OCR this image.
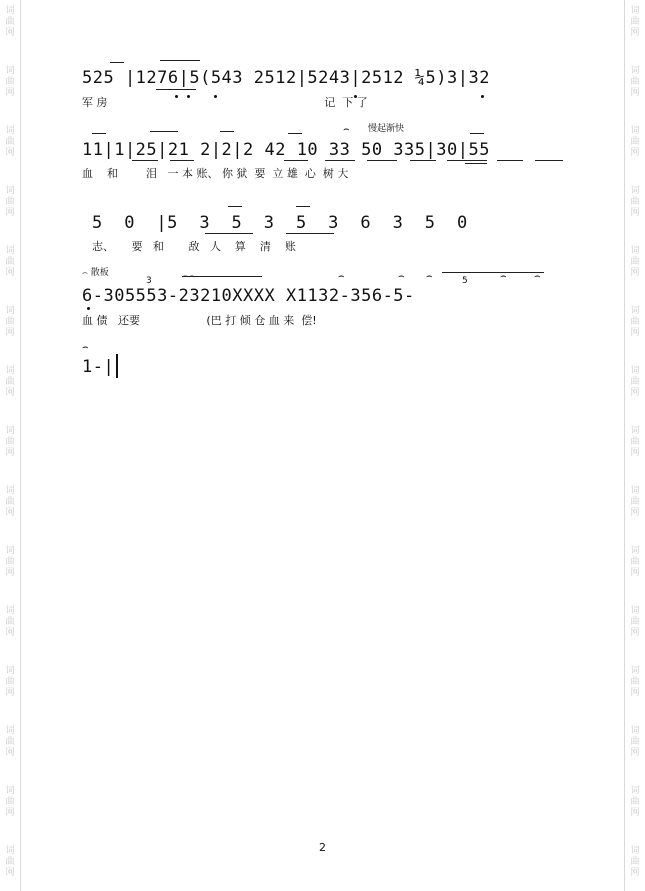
词
曲
网
词
曲
网
词
曲
网
词
曲
网
词
曲
网
词
曲
网
词
曲
网
词
曲
网
词
曲
网
词
曲
网
词
曲
网
词
曲
网
词
曲
网
词
曲
网
词
曲
网
词
曲
网
词
曲
网
词
曲
网
词
曲
网
词
曲
网
词
曲
网
词
曲
网
词
曲
网
词
曲
网
词
曲
网
词
曲
网
词
曲
网
词
曲
网
词
曲
网
词
曲
网
525 |1276|5(543 2512|5243|2512 ¼5)3|32
军 房                                                              记  下 了
慢起渐快
⌢
11|1|25|21 2|2|2 42 10 33 50 335|30|55
血    和        泪   一 本 账、 你 狱  要  立 雄  心  树 大
5  0  |5  3  5  3  5  3  6  3  5  0
志、     要   和       敌   人    算    清    账
⌢ 散板
3	⌢	⌢ ⌢	5	⌢	⌢
6-305553-23210XXXX X1132-356-5-
血 债   还要                   (巴 打 倾 仓 血 来  偿!
⌢
1-|
2
